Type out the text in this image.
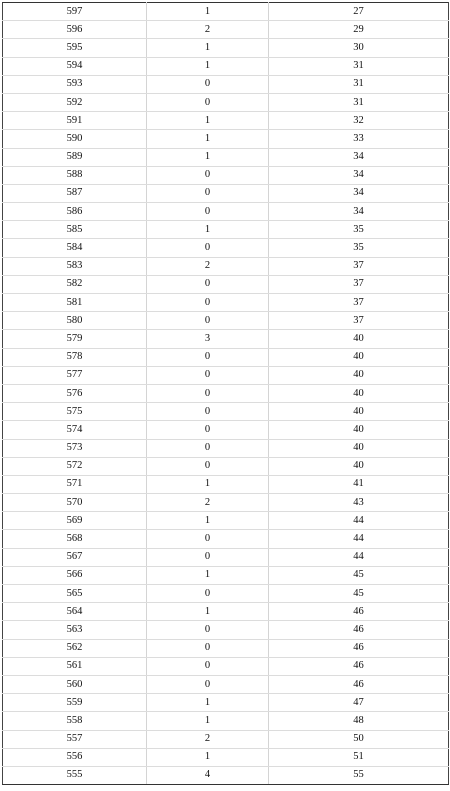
597	1	27
596	2	29
595	1	30
594	1	31
593	0	31
592	0	31
591	1	32
590	1	33
589	1	34
588	0	34
587	0	34
586	0	34
585	1	35
584	0	35
583	2	37
582	0	37
581	0	37
580	0	37
579	3	40
578	0	40
577	0	40
576	0	40
575	0	40
574	0	40
573	0	40
572	0	40
571	1	41
570	2	43
569	1	44
568	0	44
567	0	44
566	1	45
565	0	45
564	1	46
563	0	46
562	0	46
561	0	46
560	0	46
559	1	47
558	1	48
557	2	50
556	1	51
555	4	55
